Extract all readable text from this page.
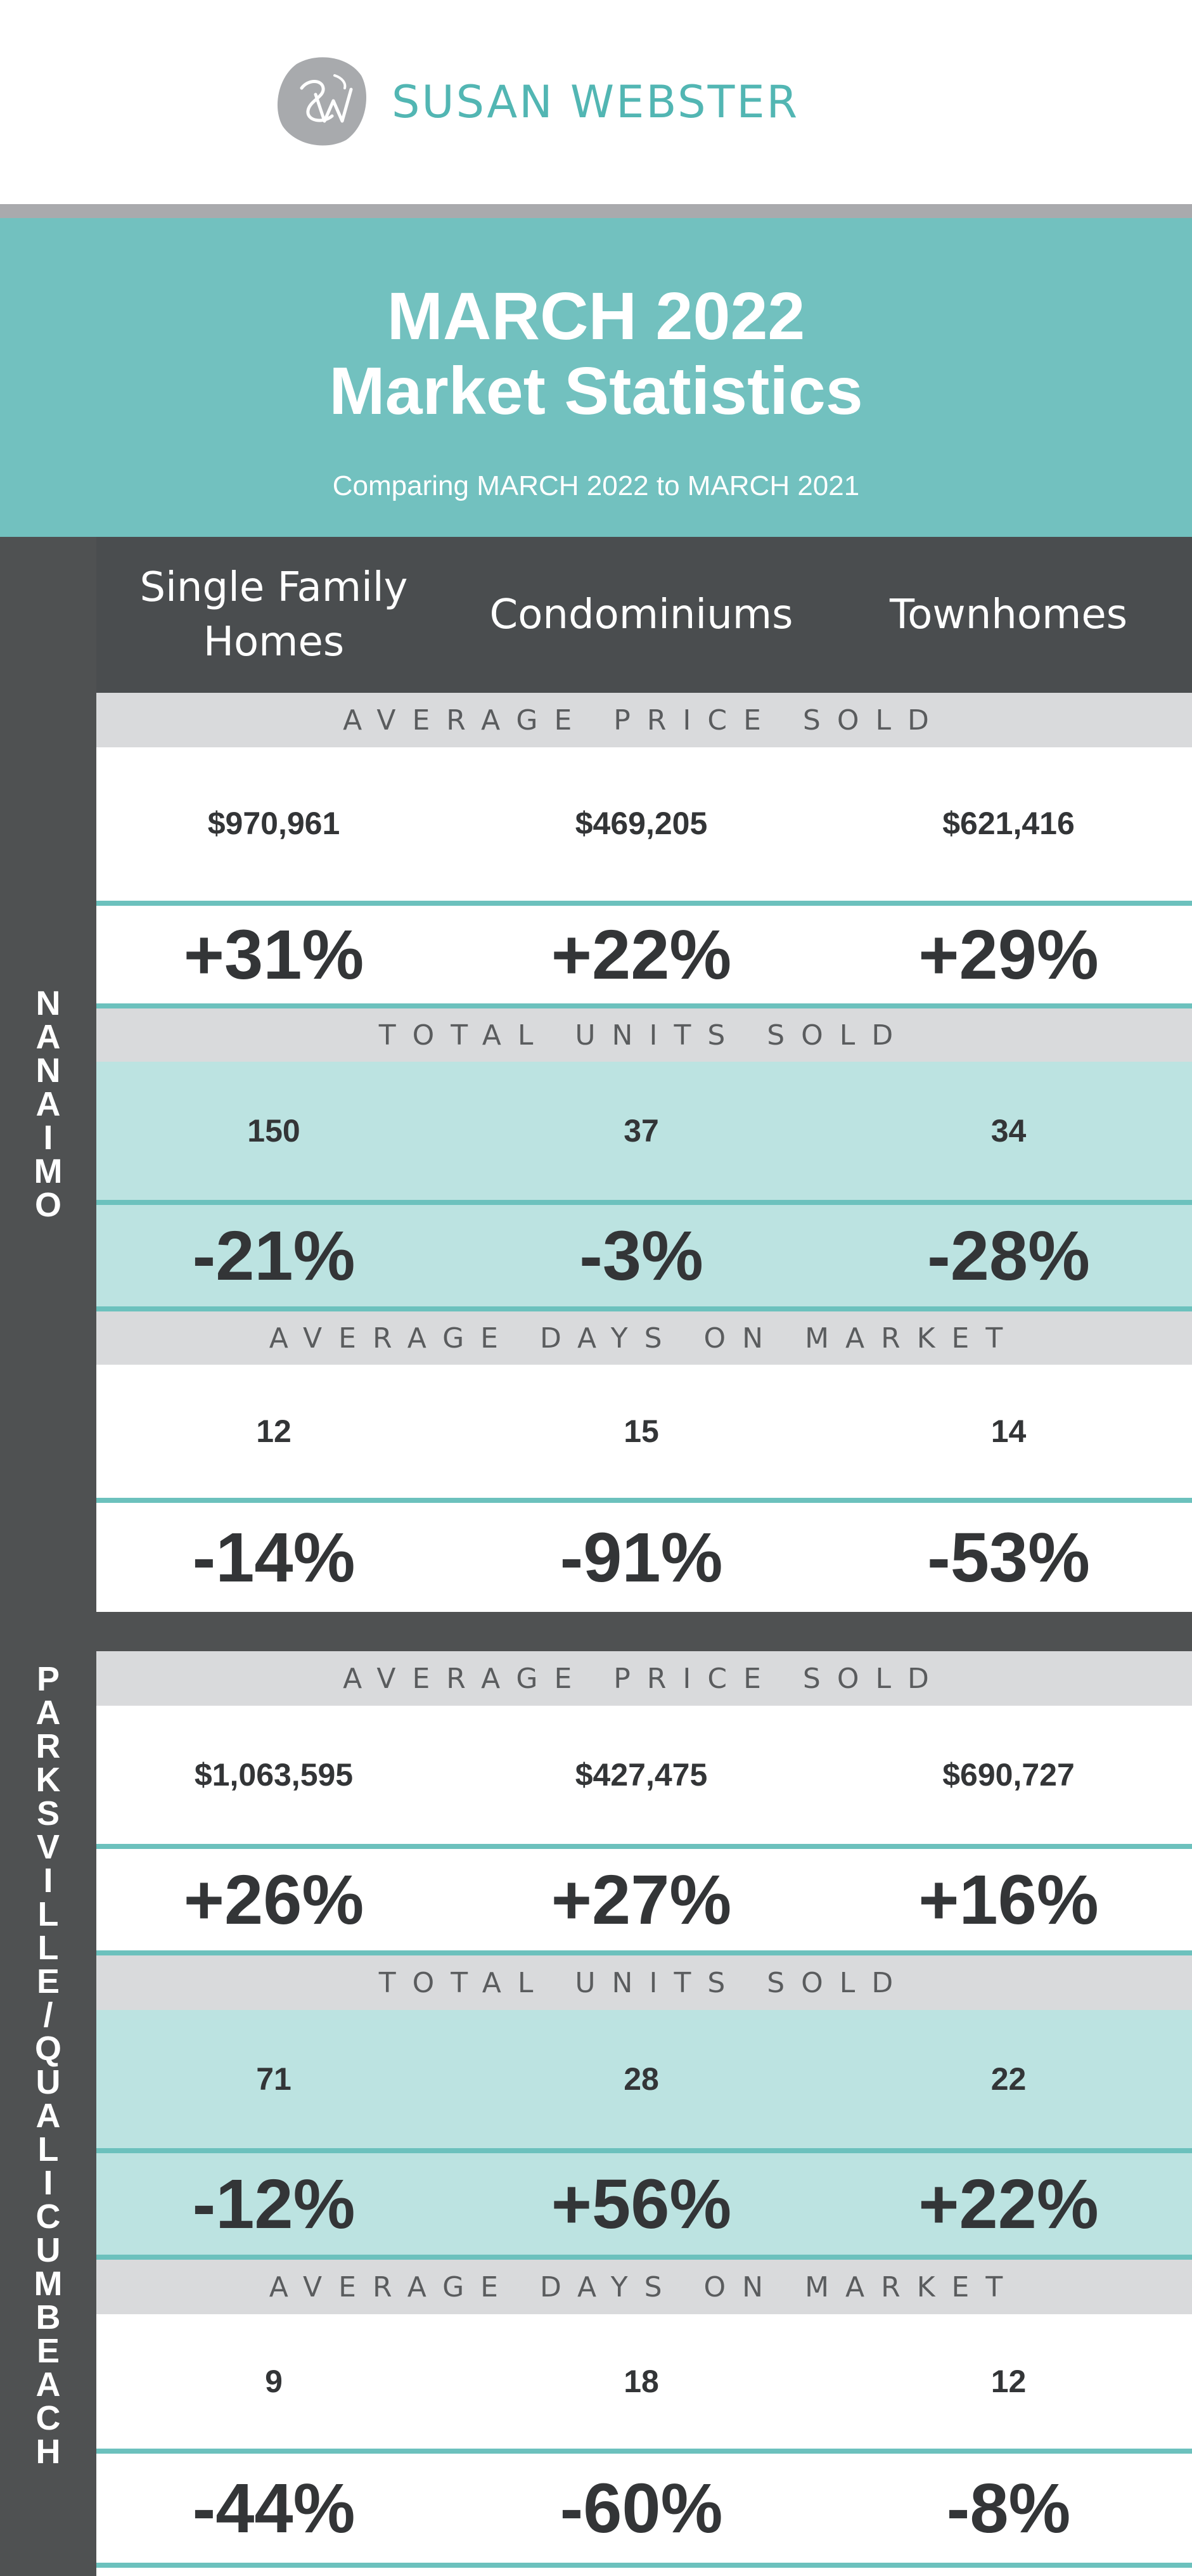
SUSAN WEBSTER
MARCH 2022
Market Statistics
Comparing MARCH 2022 to MARCH 2021
Single Family
Homes
Condominiums	Townhomes
N
A
N
A
I
M
O
AVERAGE PRICE SOLD
$970,961	$469,205	$621,416
+31%	+22%	+29%
TOTAL UNITS SOLD
150	37	34
-21%	-3%	-28%
AVERAGE DAYS ON MARKET
12	15	14
-14%	-91%	-53%
P
A
R
K
S
V
I
L
L
E
/
Q
U
A
L
I
C
U
M
B
E
A
C
H
AVERAGE PRICE SOLD
$1,063,595	$427,475	$690,727
+26%	+27%	+16%
TOTAL UNITS SOLD
71	28	22
-12%	+56%	+22%
AVERAGE DAYS ON MARKET
9	18	12
-44%	-60%	-8%
